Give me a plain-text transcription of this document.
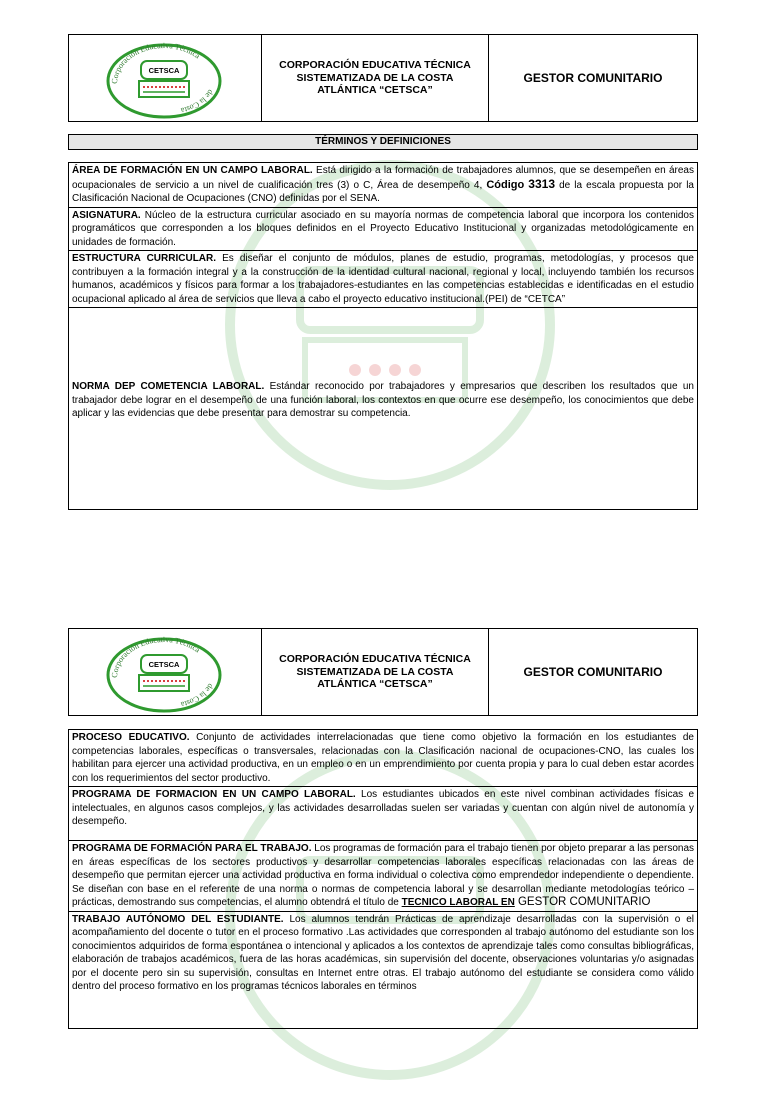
Corporación Educativa Técnica
de la Costa
CETSCA	CORPORACIÓN EDUCATIVA TÉCNICA SISTEMATIZADA DE LA COSTA ATLÁNTICA “CETSCA”
GESTOR COMUNITARIO
TÉRMINOS Y DEFINICIONES
ÁREA DE FORMACIÓN EN UN CAMPO LABORAL. Está dirigido a la formación de trabajadores alumnos, que se desempeñen en áreas ocupacionales de servicio a un nivel de cualificación tres (3) o C, Área de desempeño 4, Código 3313 de la escala propuesta por la Clasificación Nacional de Ocupaciones (CNO) definidas por el SENA.
ASIGNATURA. Núcleo de la estructura curricular asociado en su mayoría normas de competencia laboral que incorpora los contenidos programáticos que corresponden a los bloques definidos en el Proyecto Educativo Institucional y organizadas metodológicamente en unidades de formación.
ESTRUCTURA CURRICULAR. Es diseñar el conjunto de módulos, planes de estudio, programas, metodologías, y procesos que contribuyen a la formación integral y a la construcción de la identidad cultural nacional, regional y local, incluyendo también los recursos humanos, académicos y físicos para formar a los trabajadores-estudiantes en las competencias establecidas e identificadas en el estudio ocupacional aplicado al área de servicios que lleva a cabo el proyecto educativo institucional.(PEI) de “CETCA”
NORMA DEP COMETENCIA LABORAL. Estándar reconocido por trabajadores y empresarios que describen los resultados que un trabajador debe lograr en el desempeño de una función laboral, los contextos en que ocurre ese desempeño, los conocimientos que debe aplicar y las evidencias que debe presentar para demostrar su competencia.
Corporación Educativa Técnica
de la Costa
CETSCA	CORPORACIÓN EDUCATIVA TÉCNICA SISTEMATIZADA DE LA COSTA ATLÁNTICA “CETSCA”
GESTOR COMUNITARIO
PROCESO EDUCATIVO. Conjunto de actividades interrelacionadas que tiene como objetivo la formación en los estudiantes de competencias laborales, específicas o transversales, relacionadas con la Clasificación nacional de ocupaciones-CNO, las cuales los habilitan para ejercer una actividad productiva, en un empleo o en un emprendimiento por cuenta propia y para lo cual deben estar acordes con los requerimientos del sector productivo.
PROGRAMA DE FORMACION EN UN CAMPO LABORAL. Los estudiantes ubicados en este nivel combinan actividades físicas e intelectuales, en algunos casos complejos, y las actividades desarrolladas suelen ser variadas y cuentan con algún nivel de autonomía y desempeño.
PROGRAMA DE FORMACIÓN PARA EL TRABAJO. Los programas de formación para el trabajo tienen por objeto preparar a las personas en áreas específicas de los sectores productivos y desarrollar competencias laborales específicas relacionadas con las áreas de desempeño que permitan ejercer una actividad productiva en forma individual o colectiva como emprendedor independiente o dependiente. Se diseñan con base en el referente de una norma o normas de competencia laboral y se desarrollan mediante metodologías teórico – prácticas, demostrando sus competencias, el alumno obtendrá el título de TECNICO LABORAL EN GESTOR COMUNITARIO
TRABAJO AUTÓNOMO DEL ESTUDIANTE. Los alumnos tendrán Prácticas de aprendizaje desarrolladas con la supervisión o el acompañamiento del docente o tutor en el proceso formativo .Las actividades que corresponden al trabajo autónomo del estudiante son los conocimientos adquiridos de forma espontánea o intencional y aplicados a los contextos de aprendizaje tales como consultas bibliográficas, elaboración de trabajos académicos, fuera de las horas académicas, sin supervisión del docente, observaciones voluntarias y/o asignadas por el docente pero sin su supervisión, consultas en Internet entre otras. El trabajo autónomo del estudiante se considera como válido dentro del proceso formativo en los programas técnicos laborales en términos
